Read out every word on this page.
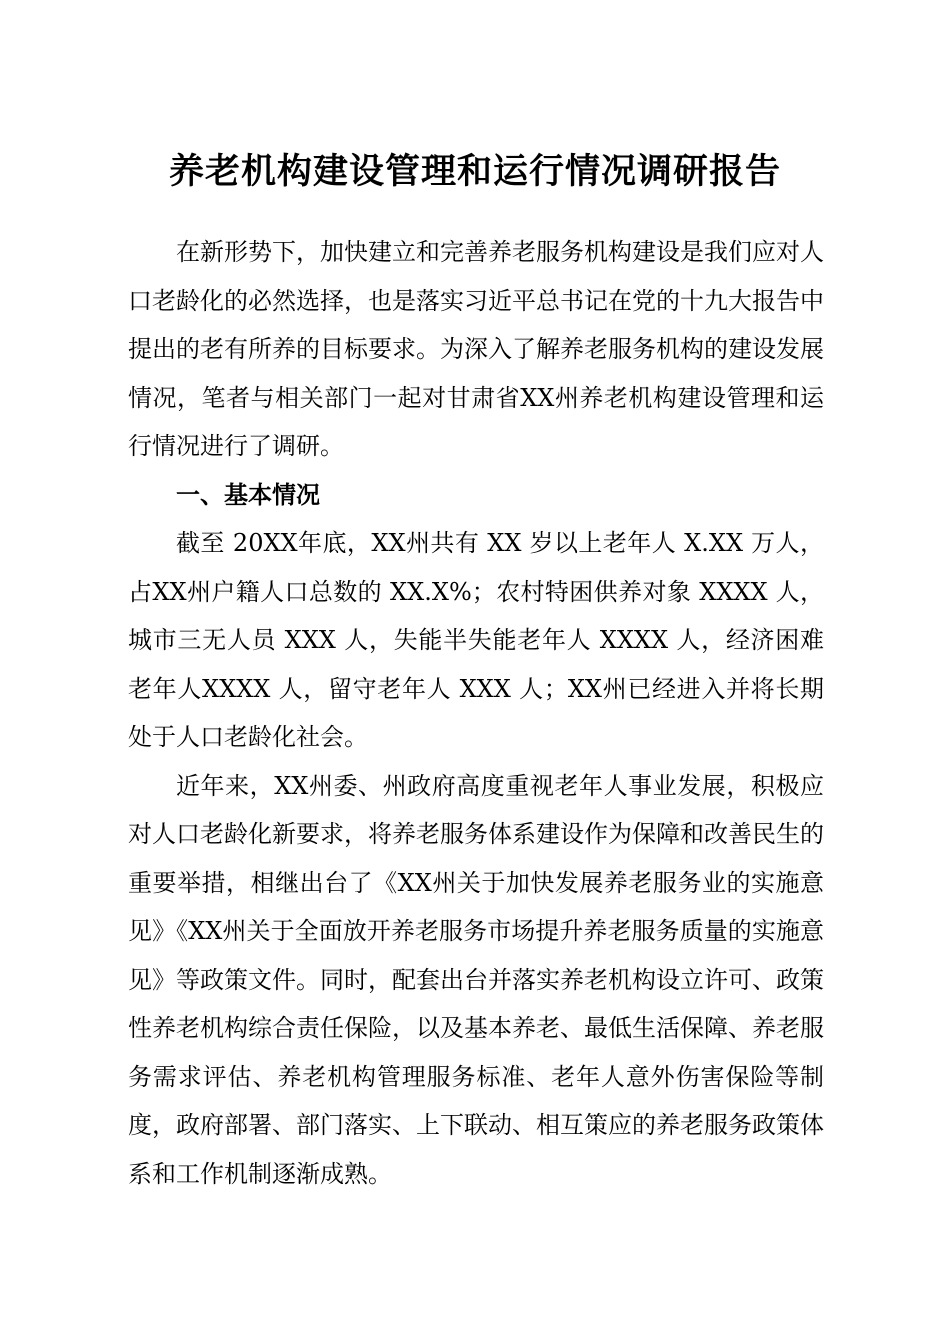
养老机构建设管理和运行情况调研报告

在新形势下，加快建立和完善养老服务机构建设是我们应对人口老龄化的必然选择，也是落实习近平总书记在党的十九大报告中提出的老有所养的目标要求。为深入了解养老服务机构的建设发展情况，笔者与相关部门一起对甘肃省XX州养老机构建设管理和运行情况进行了调研。

一、基本情况

截至 20XX年底，XX州共有 XX 岁以上老年人 X.XX 万人，占XX州户籍人口总数的 XX.X%；农村特困供养对象 XXXX 人，城市三无人员 XXX 人，失能半失能老年人 XXXX 人，经济困难老年人XXXX 人，留守老年人 XXX 人；XX州已经进入并将长期处于人口老龄化社会。

近年来，XX州委、州政府高度重视老年人事业发展，积极应对人口老龄化新要求，将养老服务体系建设作为保障和改善民生的重要举措，相继出台了《XX州关于加快发展养老服务业的实施意见》《XX州关于全面放开养老服务市场提升养老服务质量的实施意见》等政策文件。同时，配套出台并落实养老机构设立许可、政策性养老机构综合责任保险，以及基本养老、最低生活保障、养老服务需求评估、养老机构管理服务标准、老年人意外伤害保险等制度，政府部署、部门落实、上下联动、相互策应的养老服务政策体系和工作机制逐渐成熟。
